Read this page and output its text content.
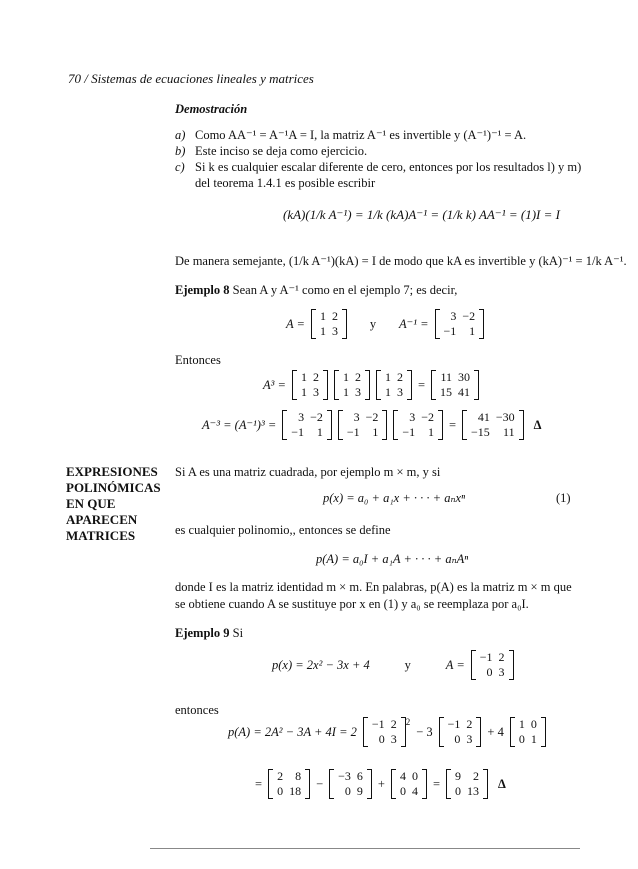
70 / Sistemas de ecuaciones lineales y matrices
Demostración
a) Como AA⁻¹ = A⁻¹A = I, la matriz A⁻¹ es invertible y (A⁻¹)⁻¹ = A.
b) Este inciso se deja como ejercicio.
c) Si k es cualquier escalar diferente de cero, entonces por los resultados l) y m)
del teorema 1.4.1 es posible escribir
(kA)(1/k A⁻¹) = 1/k (kA)A⁻¹ = (1/k k) AA⁻¹ = (1)I = I
De manera semejante, (1/k A⁻¹)(kA) = I de modo que kA es invertible y (kA)⁻¹ = 1/k A⁻¹.
Ejemplo 8 Sean A y A⁻¹ como en el ejemplo 7; es decir,
A =
1	2
1	3
y	A⁻¹ =
3	−2
−1	1
Entonces
A³ =
1	2
1	3
1	2
1	3
1	2
1	3
=
11	30
15	41
A⁻³ = (A⁻¹)³ =
3	−2
−1	1
3	−2
−1	1
3	−2
−1	1
=
41	−30
−15	11
Δ
EXPRESIONES
POLINÓMICAS
EN QUE
APARECEN
MATRICES
Si A es una matriz cuadrada, por ejemplo m × m, y si
p(x) = a₀ + a₁x + · · · + aₙxⁿ	(1)
es cualquier polinomio,, entonces se define
p(A) = a₀I + a₁A + · · · + aₙAⁿ
donde I es la matriz identidad m × m. En palabras, p(A) es la matriz m × m que
se obtiene cuando A se sustituye por x en (1) y a₀ se reemplaza por a₀I.
Ejemplo 9 Si
p(x) = 2x² − 3x + 4	y	A =
−1	2
0	3
entonces
p(A) = 2A² − 3A + 4I = 2
−1	2
0	3
$^2$
− 3
−1	2
0	3
+ 4
1	0
0	1
=
2	8
0	18
−
−3	6
0	9
+
4	0
0	4
=
9	2
0	13
Δ
